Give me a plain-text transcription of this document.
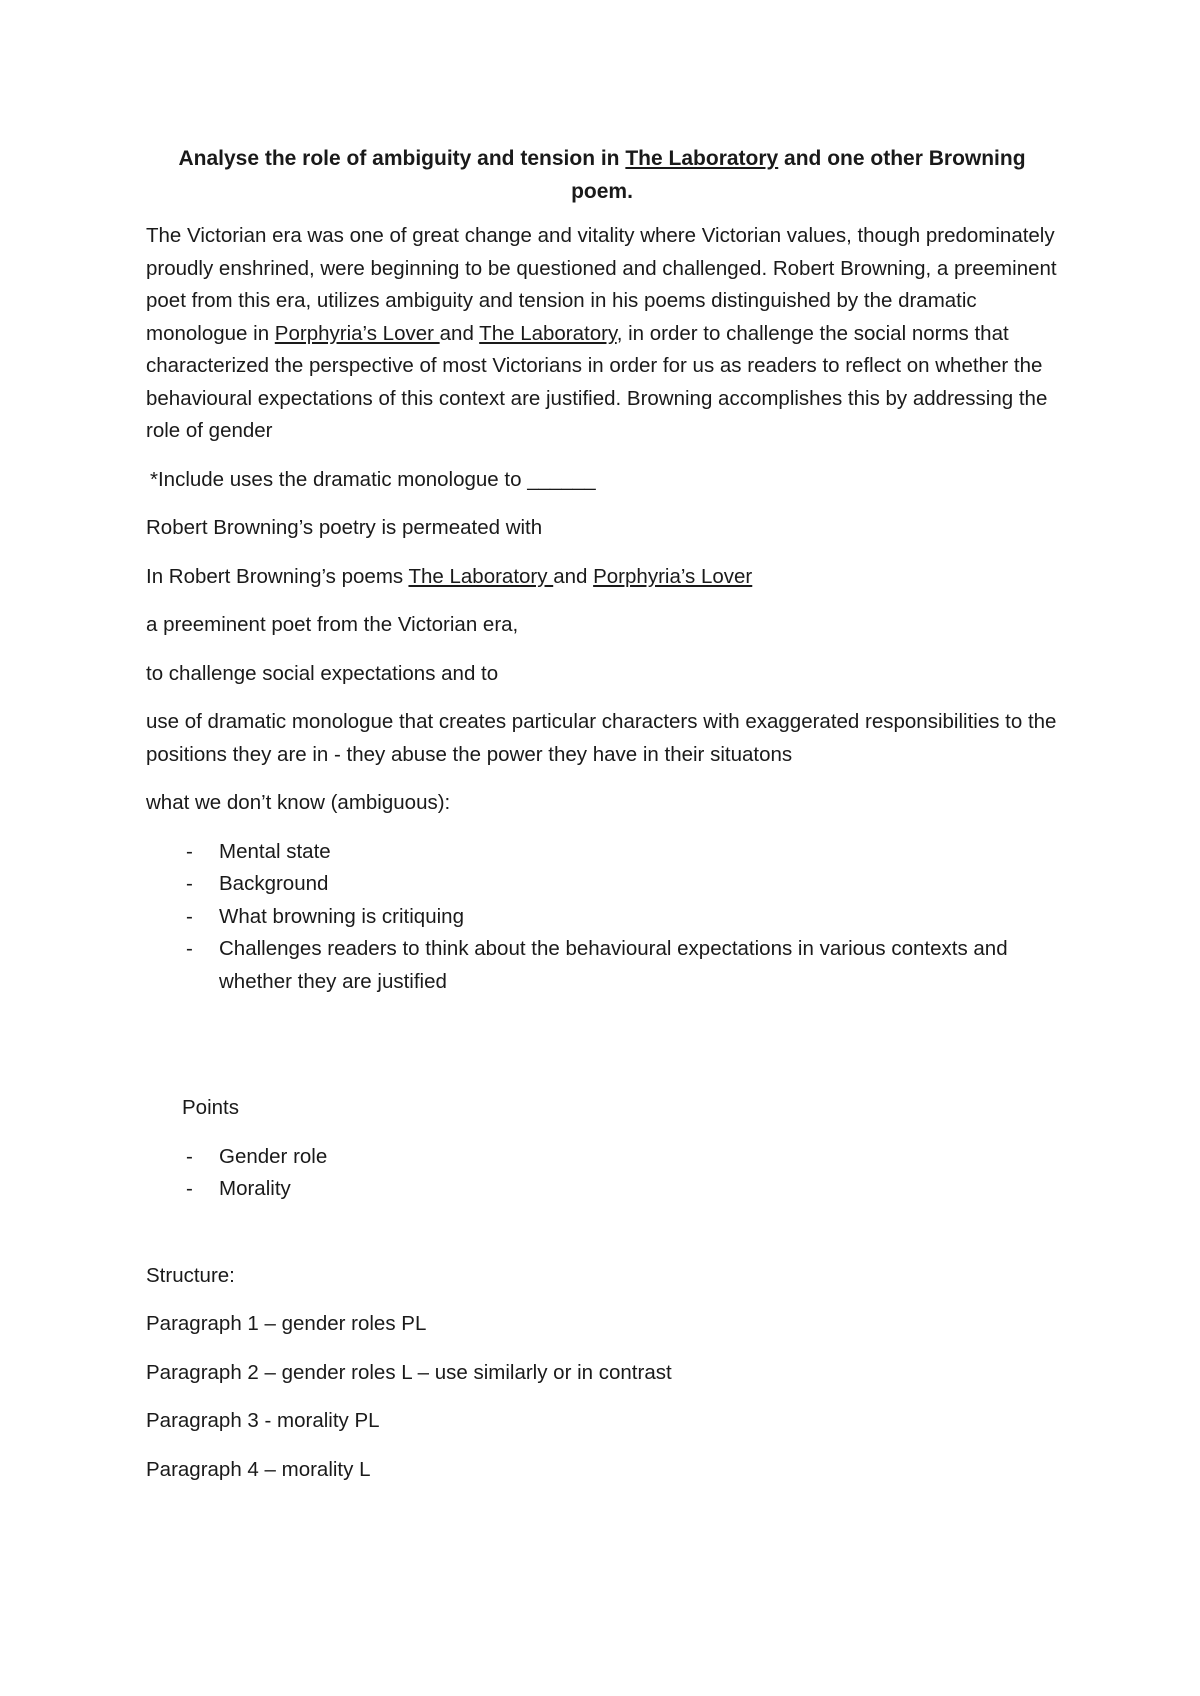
Analyse the role of ambiguity and tension in The Laboratory and one other Browning poem.

The Victorian era was one of great change and vitality where Victorian values, though predominately proudly enshrined, were beginning to be questioned and challenged. Robert Browning, a preeminent poet from this era, utilizes ambiguity and tension in his poems distinguished by the dramatic monologue in Porphyria’s Lover and The Laboratory, in order to challenge the social norms that characterized the perspective of most Victorians in order for us as readers to reflect on whether the behavioural expectations of this context are justified. Browning accomplishes this by addressing the role of gender

*Include uses the dramatic monologue to ______

Robert Browning’s poetry is permeated with

In Robert Browning’s poems The Laboratory and Porphyria’s Lover

a preeminent poet from the Victorian era,

to challenge social expectations and to

use of dramatic monologue that creates particular characters with exaggerated responsibilities to the positions they are in - they abuse the power they have in their situatons

what we don’t know (ambiguous):

- Mental state
- Background
- What browning is critiquing
- Challenges readers to think about the behavioural expectations in various contexts and whether they are justified

Points

- Gender role
- Morality

Structure:

Paragraph 1 – gender roles PL

Paragraph 2 – gender roles L – use similarly or in contrast

Paragraph 3 - morality PL

Paragraph 4 – morality L
